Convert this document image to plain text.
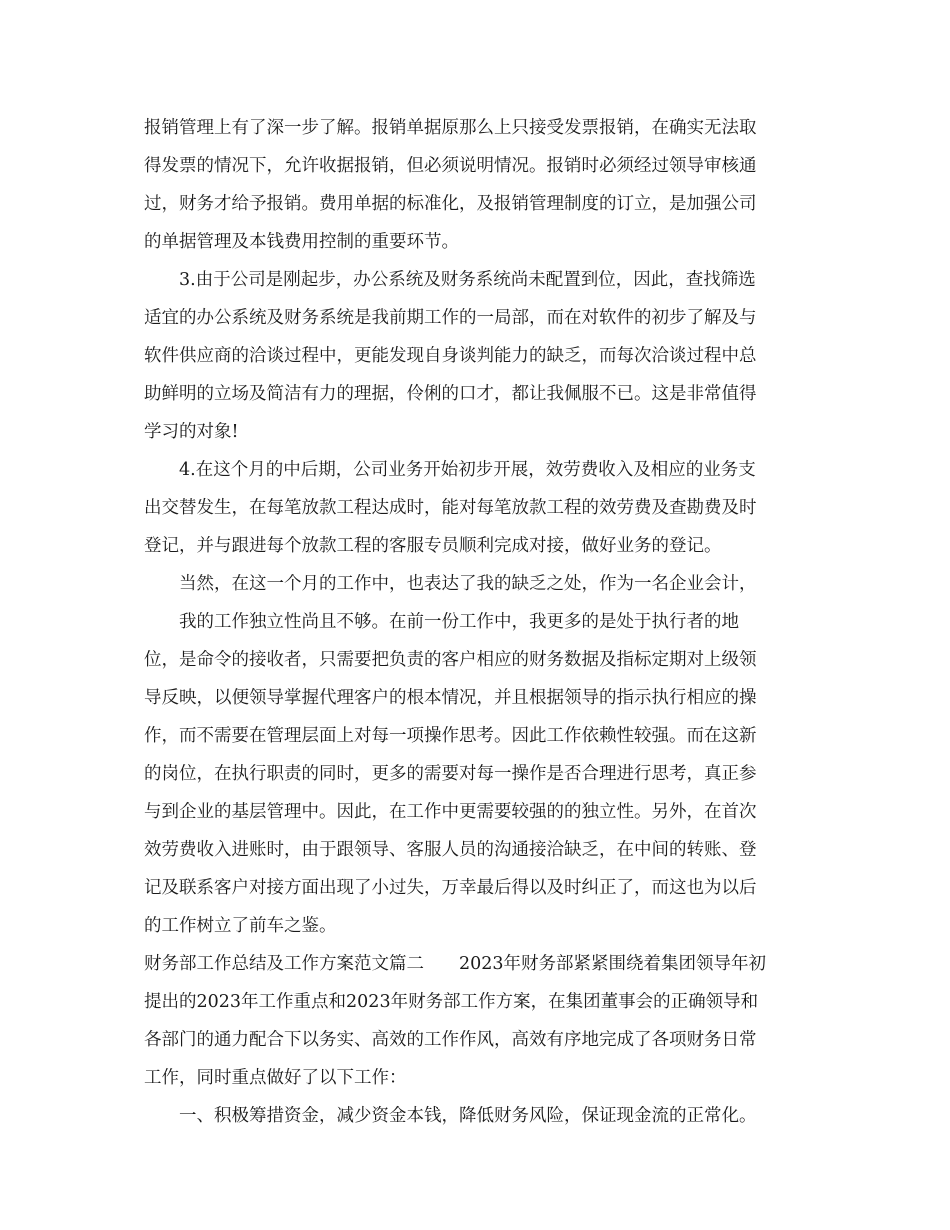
报销管理上有了深一步了解。报销单据原那么上只接受发票报销，在确实无法取
得发票的情况下，允许收据报销，但必须说明情况。报销时必须经过领导审核通
过，财务才给予报销。费用单据的标准化，及报销管理制度的订立，是加强公司
的单据管理及本钱费用控制的重要环节。
3.由于公司是刚起步，办公系统及财务系统尚未配置到位，因此，查找筛选
适宜的办公系统及财务系统是我前期工作的一局部，而在对软件的初步了解及与
软件供应商的洽谈过程中，更能发现自身谈判能力的缺乏，而每次洽谈过程中总
助鲜明的立场及简洁有力的理据，伶俐的口才，都让我佩服不已。这是非常值得
学习的对象!
4.在这个月的中后期，公司业务开始初步开展，效劳费收入及相应的业务支
出交替发生，在每笔放款工程达成时，能对每笔放款工程的效劳费及查勘费及时
登记，并与跟进每个放款工程的客服专员顺利完成对接，做好业务的登记。
当然，在这一个月的工作中，也表达了我的缺乏之处，作为一名企业会计，
我的工作独立性尚且不够。在前一份工作中，我更多的是处于执行者的地
位，是命令的接收者，只需要把负责的客户相应的财务数据及指标定期对上级领
导反映，以便领导掌握代理客户的根本情况，并且根据领导的指示执行相应的操
作，而不需要在管理层面上对每一项操作思考。因此工作依赖性较强。而在这新
的岗位，在执行职责的同时，更多的需要对每一操作是否合理进行思考，真正参
与到企业的基层管理中。因此，在工作中更需要较强的的独立性。另外，在首次
效劳费收入进账时，由于跟领导、客服人员的沟通接洽缺乏，在中间的转账、登
记及联系客户对接方面出现了小过失，万幸最后得以及时纠正了，而这也为以后
的工作树立了前车之鉴。
财务部工作总结及工作方案范文篇二　　2023年财务部紧紧围绕着集团领导年初
提出的2023年工作重点和2023年财务部工作方案，在集团董事会的正确领导和
各部门的通力配合下以务实、高效的工作作风，高效有序地完成了各项财务日常
工作，同时重点做好了以下工作：
一、积极筹措资金，减少资金本钱，降低财务风险，保证现金流的正常化。
